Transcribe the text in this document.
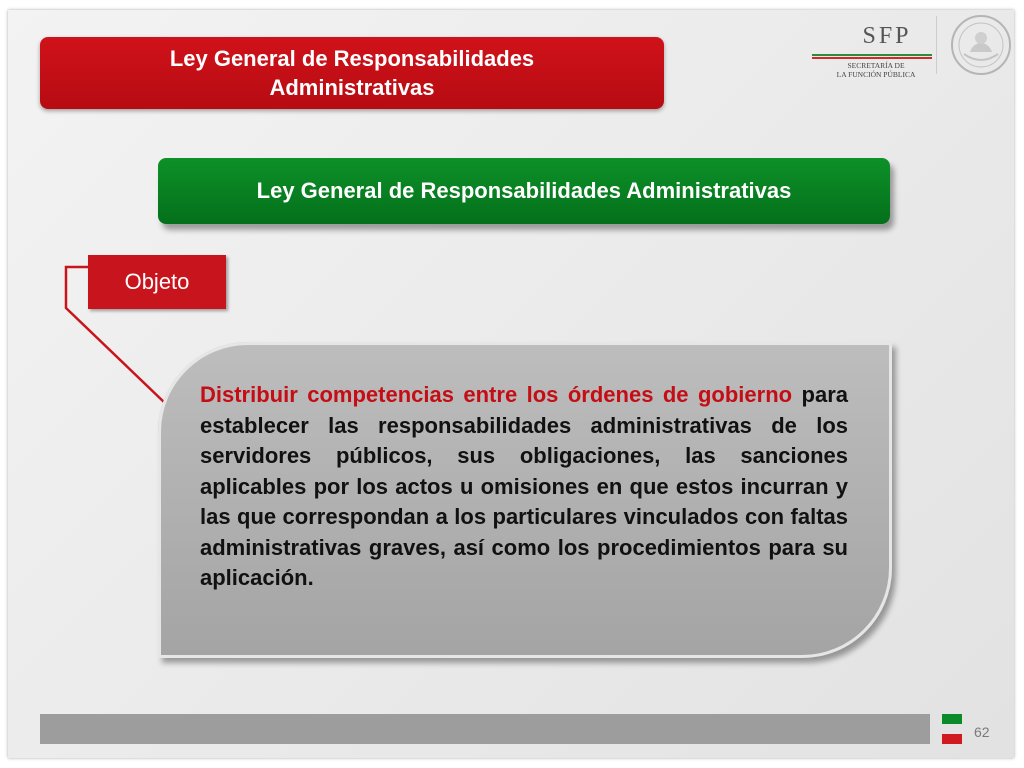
Ley General de Responsabilidades Administrativas
SFP
SECRETARÍA DE
LA FUNCIÓN PÚBLICA
Ley General de Responsabilidades Administrativas
Objeto
Distribuir competencias entre los órdenes de gobierno para establecer las responsabilidades administrativas de los servidores públicos, sus obligaciones, las sanciones aplicables por los actos u omisiones en que estos incurran y las que correspondan a los particulares vinculados con faltas administrativas graves, así como los procedimientos para su aplicación.
62
